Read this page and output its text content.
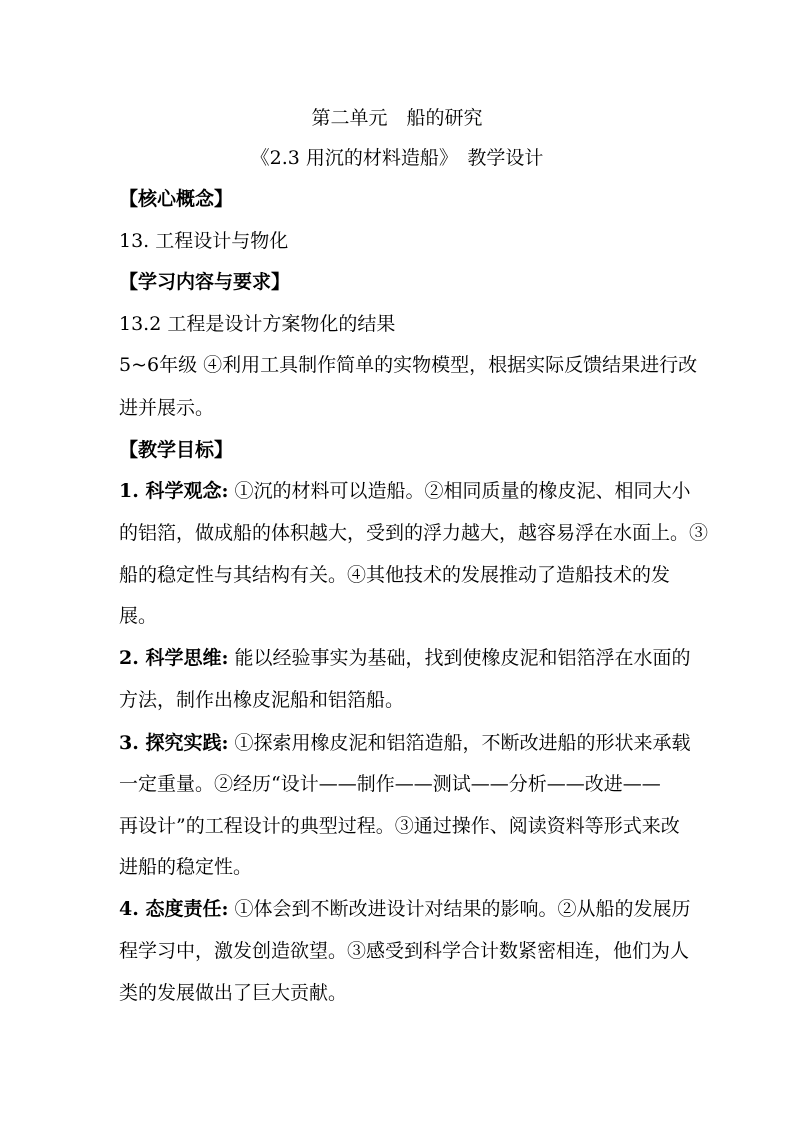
第二单元　船的研究
《2.3 用沉的材料造船》　教学设计
【核心概念】
13. 工程设计与物化
【学习内容与要求】
13.2 工程是设计方案物化的结果
5~6年级 ④利用工具制作简单的实物模型，根据实际反馈结果进行改
进并展示。
【教学目标】
1. 科学观念: ①沉的材料可以造船。②相同质量的橡皮泥、相同大小
的铝箔，做成船的体积越大，受到的浮力越大，越容易浮在水面上。③
船的稳定性与其结构有关。④其他技术的发展推动了造船技术的发
展。
2. 科学思维: 能以经验事实为基础，找到使橡皮泥和铝箔浮在水面的
方法，制作出橡皮泥船和铝箔船。
3. 探究实践: ①探索用橡皮泥和铝箔造船，不断改进船的形状来承载
一定重量。②经历“设计——制作——测试——分析——改进——
再设计”的工程设计的典型过程。③通过操作、阅读资料等形式来改
进船的稳定性。
4. 态度责任: ①体会到不断改进设计对结果的影响。②从船的发展历
程学习中，激发创造欲望。③感受到科学合计数紧密相连，他们为人
类的发展做出了巨大贡献。
